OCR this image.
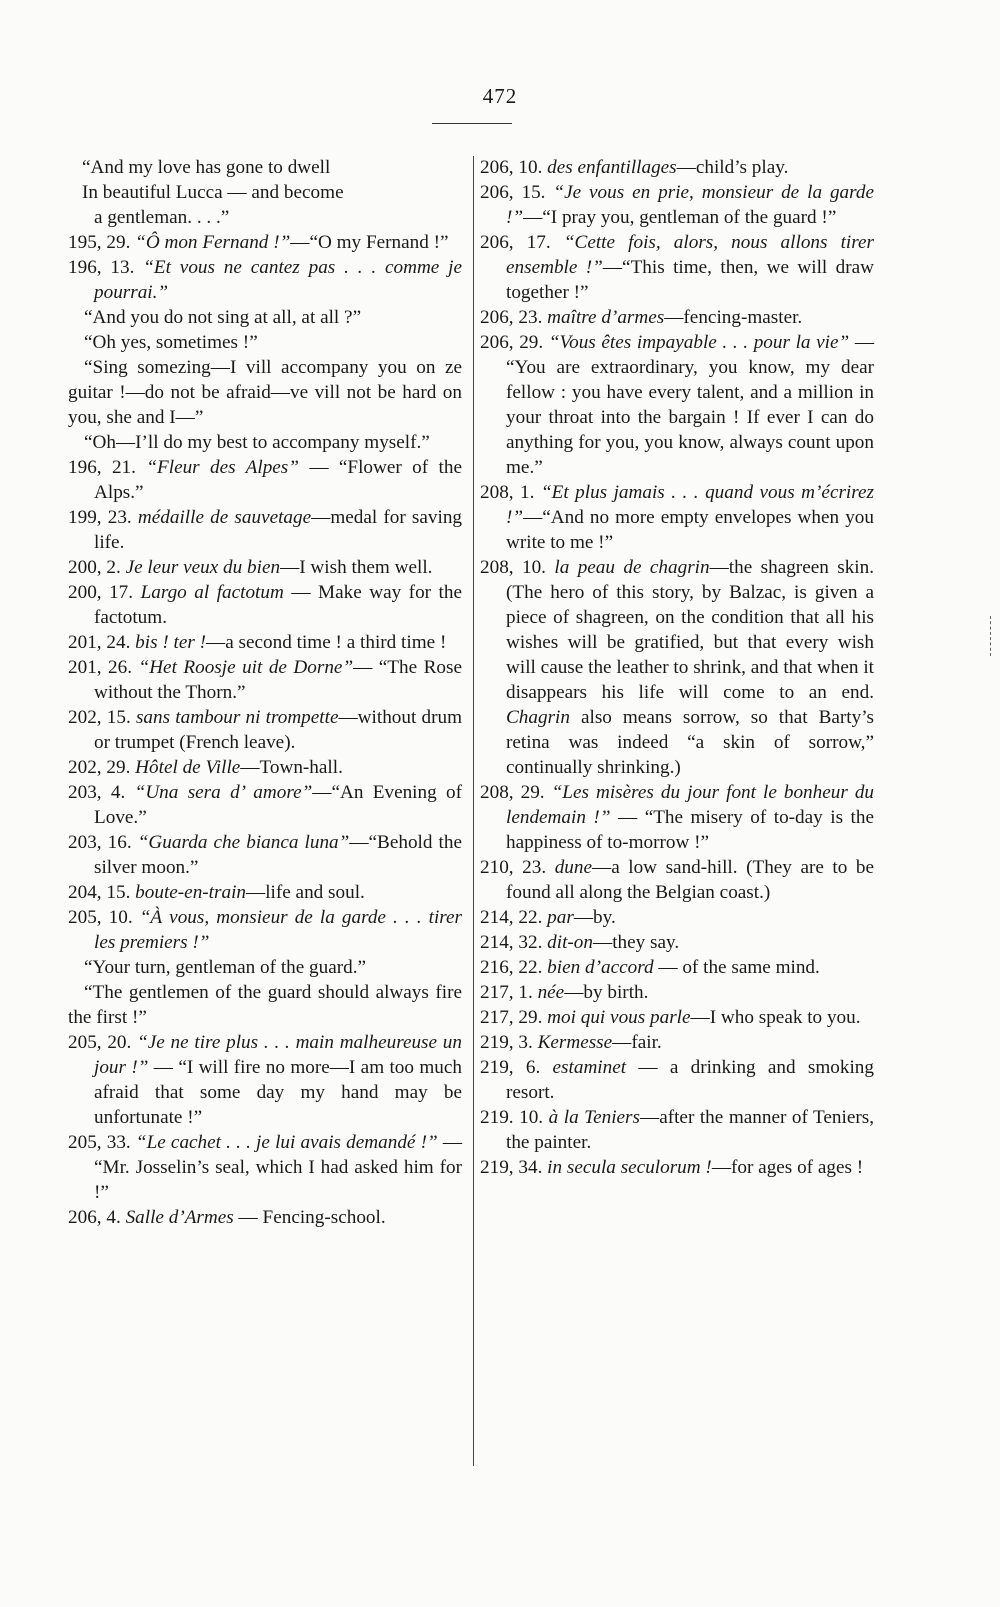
472

“And my love has gone to dwell

In beautiful Lucca — and become

a gentleman. . . .”

195, 29. “Ô mon Fernand !”—“O my Fernand !”

196, 13. “Et vous ne cantez pas . . . comme je pourrai.”

“And you do not sing at all, at all ?”

“Oh yes, sometimes !”

“Sing somezing—I vill accompany you on ze guitar !—do not be afraid—ve vill not be hard on you, she and I—”

“Oh—I’ll do my best to accompany myself.”

196, 21. “Fleur des Alpes” — “Flower of the Alps.”

199, 23. médaille de sauvetage—medal for saving life.

200, 2. Je leur veux du bien—I wish them well.

200, 17. Largo al factotum — Make way for the factotum.

201, 24. bis ! ter !—a second time ! a third time !

201, 26. “Het Roosje uit de Dorne”— “The Rose without the Thorn.”

202, 15. sans tambour ni trompette—without drum or trumpet (French leave).

202, 29. Hôtel de Ville—Town-hall.

203, 4. “Una sera d’ amore”—“An Evening of Love.”

203, 16. “Guarda che bianca luna”—“Behold the silver moon.”

204, 15. boute-en-train—life and soul.

205, 10. “À vous, monsieur de la garde . . . tirer les premiers !”

“Your turn, gentleman of the guard.”

“The gentlemen of the guard should always fire the first !”

205, 20. “Je ne tire plus . . . main malheureuse un jour !” — “I will fire no more—I am too much afraid that some day my hand may be unfortunate !”

205, 33. “Le cachet . . . je lui avais demandé !” — “Mr. Josselin’s seal, which I had asked him for !”

206, 4. Salle d’Armes — Fencing-school.

206, 10. des enfantillages—child’s play.

206, 15. “Je vous en prie, monsieur de la garde !”—“I pray you, gentleman of the guard !”

206, 17. “Cette fois, alors, nous allons tirer ensemble !”—“This time, then, we will draw together !”

206, 23. maître d’armes—fencing-master.

206, 29. “Vous êtes impayable . . . pour la vie” — “You are extraordinary, you know, my dear fellow : you have every talent, and a million in your throat into the bargain ! If ever I can do anything for you, you know, always count upon me.”

208, 1. “Et plus jamais . . . quand vous m’écrirez !”—“And no more empty envelopes when you write to me !”

208, 10. la peau de chagrin—the shagreen skin. (The hero of this story, by Balzac, is given a piece of shagreen, on the condition that all his wishes will be gratified, but that every wish will cause the leather to shrink, and that when it disappears his life will come to an end. Chagrin also means sorrow, so that Barty’s retina was indeed “a skin of sorrow,” continually shrinking.)

208, 29. “Les misères du jour font le bonheur du lendemain !” — “The misery of to-day is the happiness of to-morrow !”

210, 23. dune—a low sand-hill. (They are to be found all along the Belgian coast.)

214, 22. par—by.

214, 32. dit-on—they say.

216, 22. bien d’accord — of the same mind.

217, 1. née—by birth.

217, 29. moi qui vous parle—I who speak to you.

219, 3. Kermesse—fair.

219, 6. estaminet — a drinking and smoking resort.

219. 10. à la Teniers—after the manner of Teniers, the painter.

219, 34. in secula seculorum !—for ages of ages !
